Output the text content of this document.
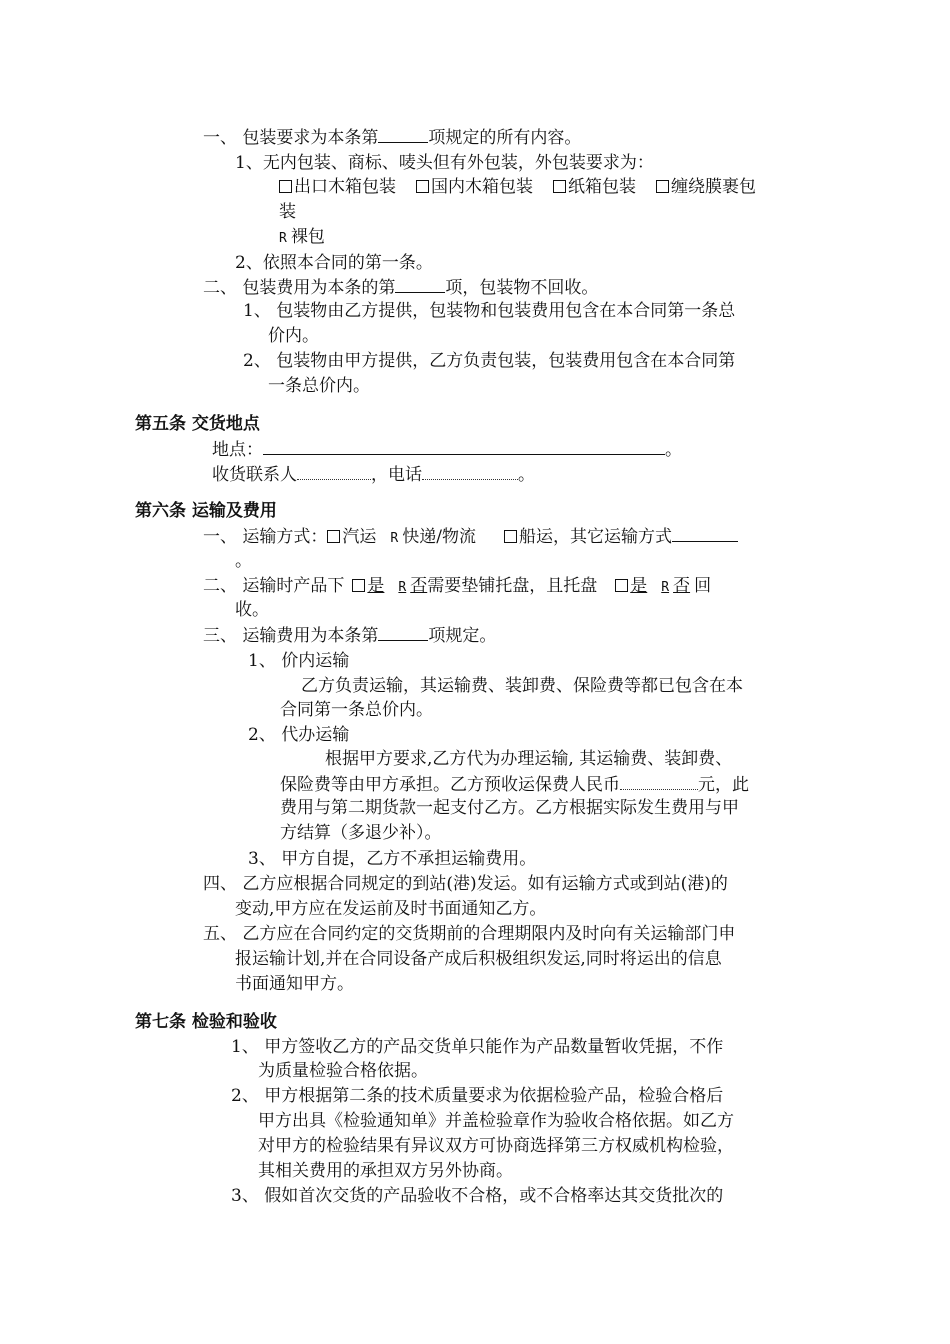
一、 包装要求为本条第	项规定的所有内容。
1、无内包装、商标、唛头但有外包装，外包装要求为：
出口木箱包装 国内木箱包装 纸箱包装 缠绕膜裹包
装
R 裸包
2、依照本合同的第一条。
二、 包装费用为本条的第	项，包装物不回收。
1、 包装物由乙方提供，包装物和包装费用包含在本合同第一条总
价内。
2、 包装物由甲方提供，乙方负责包装，包装费用包含在本合同第
一条总价内。
第五条 交货地点
地点：	。
收货联系人	，电话	。
第六条 运输及费用
一、 运输方式： 汽运 R 快递/物流	船运，其它运输方式
。
二、 运输时产品下 是 R 否需要垫铺托盘，且托盘 是 R 否 回
收。
三、 运输费用为本条第	项规定。
1、 价内运输
乙方负责运输，其运输费、装卸费、保险费等都已包含在本
合同第一条总价内。
2、 代办运输
根据甲方要求,乙方代为办理运输, 其运输费、装卸费、
保险费等由甲方承担。乙方预收运保费人民币	元，此
费用与第二期货款一起支付乙方。乙方根据实际发生费用与甲
方结算（多退少补）。
3、 甲方自提，乙方不承担运输费用。
四、 乙方应根据合同规定的到站(港)发运。如有运输方式或到站(港)的
变动,甲方应在发运前及时书面通知乙方。
五、 乙方应在合同约定的交货期前的合理期限内及时向有关运输部门申
报运输计划,并在合同设备产成后积极组织发运,同时将运出的信息
书面通知甲方。
第七条 检验和验收
1、 甲方签收乙方的产品交货单只能作为产品数量暂收凭据，不作
为质量检验合格依据。
2、 甲方根据第二条的技术质量要求为依据检验产品，检验合格后
甲方出具《检验通知单》并盖检验章作为验收合格依据。如乙方
对甲方的检验结果有异议双方可协商选择第三方权威机构检验，
其相关费用的承担双方另外协商。
3、 假如首次交货的产品验收不合格，或不合格率达其交货批次的
